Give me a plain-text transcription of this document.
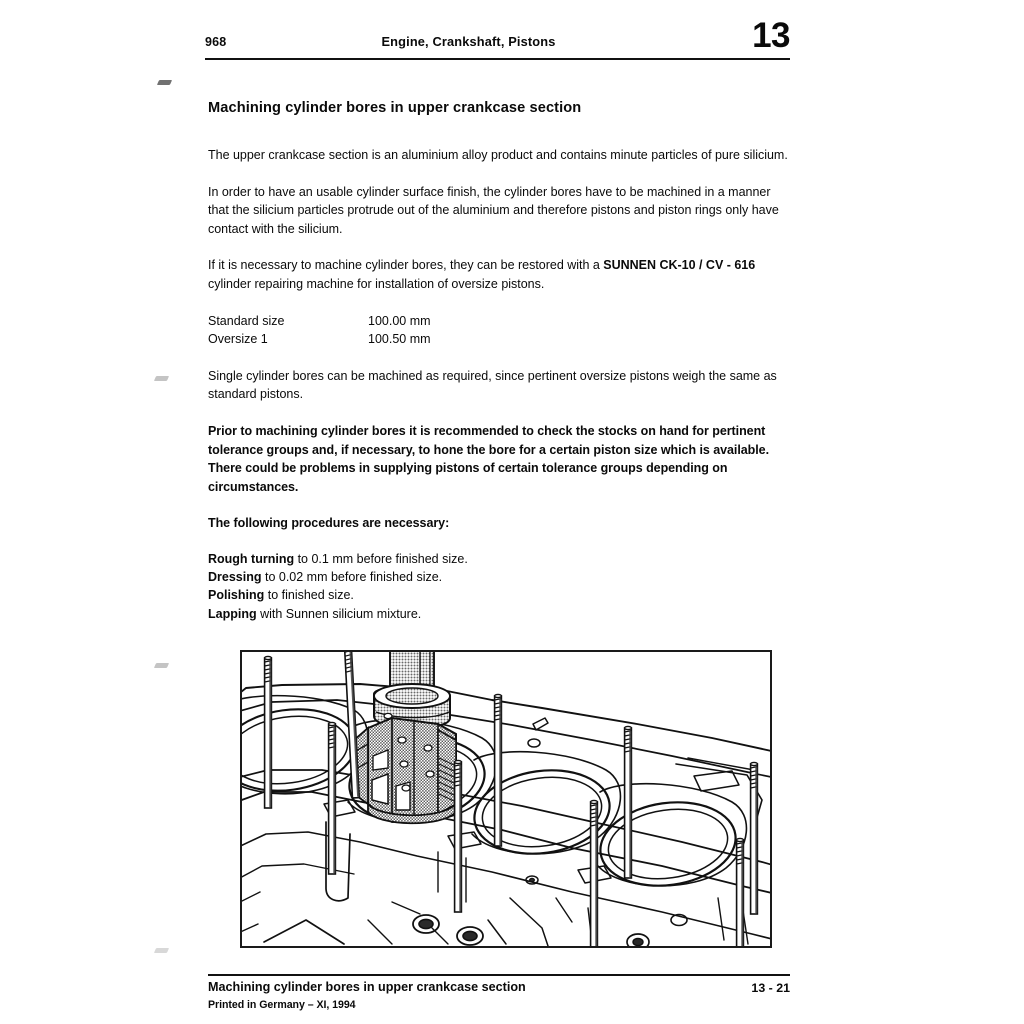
968	Engine, Crankshaft, Pistons	13
Machining cylinder bores in upper crankcase section

The upper crankcase section is an aluminium alloy product and contains minute particles of pure silicium.

In order to have an usable cylinder surface finish, the cylinder bores have to be machined in a manner that the silicium particles protrude out of the aluminium and therefore pistons and piston rings only have contact with the silicium.

If it is necessary to machine cylinder bores, they can be restored with a SUNNEN CK-10 / CV - 616 cylinder repairing machine for installation of oversize pistons.

Standard size	100.00 mm
Oversize 1	100.50 mm

Single cylinder bores can be machined as required, since pertinent oversize pistons weigh the same as standard pistons.

Prior to machining cylinder bores it is recommended to check the stocks on hand for pertinent tolerance groups and, if necessary, to hone the bore for a certain piston size which is available. There could be problems in supplying pistons of certain tolerance groups depending on circumstances.

The following procedures are necessary:

Rough turning to 0.1 mm before finished size.
Dressing to 0.02 mm before finished size.
Polishing to finished size.
Lapping with Sunnen silicium mixture.
Machining cylinder bores in upper crankcase section	13 - 21
Printed in Germany – XI, 1994
